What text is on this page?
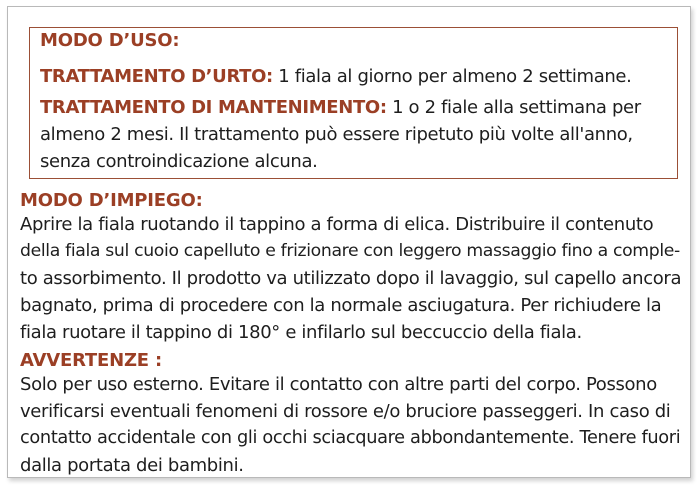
MODO D’USO:
TRATTAMENTO D’URTO: 1 fiala al giorno per almeno 2 settimane.
TRATTAMENTO DI MANTENIMENTO: 1 o 2 fiale alla settimana per
almeno 2 mesi. Il trattamento può essere ripetuto più volte all'anno,
senza controindicazione alcuna.
MODO D’IMPIEGO:
Aprire la fiala ruotando il tappino a forma di elica. Distribuire il contenuto
della fiala sul cuoio capelluto e frizionare con leggero massaggio fino a comple-
to assorbimento. Il prodotto va utilizzato dopo il lavaggio, sul capello ancora
bagnato, prima di procedere con la normale asciugatura. Per richiudere la
fiala ruotare il tappino di 180° e infilarlo sul beccuccio della fiala.
AVVERTENZE :
Solo per uso esterno. Evitare il contatto con altre parti del corpo. Possono
verificarsi eventuali fenomeni di rossore e/o bruciore passeggeri. In caso di
contatto accidentale con gli occhi sciacquare abbondantemente. Tenere fuori
dalla portata dei bambini.
